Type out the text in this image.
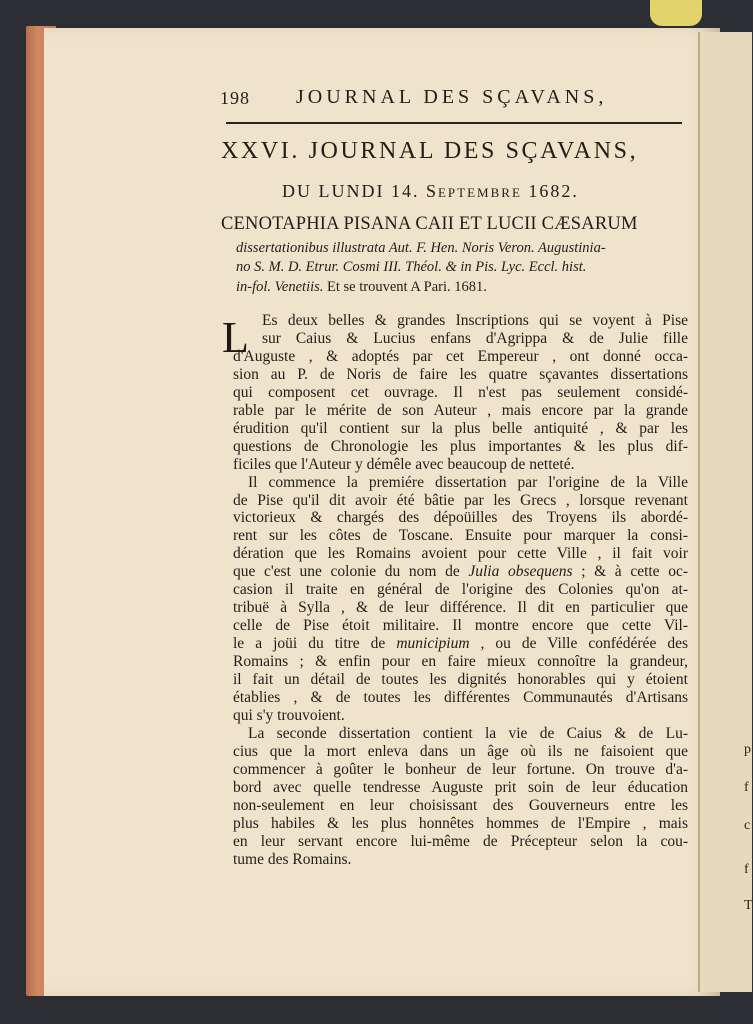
p
f
c
f
T
198 JOURNAL DES SÇAVANS,
XXVI. JOURNAL DES SÇAVANS,
DU LUNDI 14. Septembre 1682.
CENOTAPHIA PISANA CAII ET LUCII CÆSARUM
dissertationibus illustrata Aut. F. Hen. Noris Veron. Augustinia-
no S. M. D. Etrur. Cosmi III. Théol. & in Pis. Lyc. Eccl. hist.
in-fol. Venetiis. Et se trouvent A Pari. 1681.
L Es deux belles & grandes Inscriptions qui se voyent à Pise
sur Caius & Lucius enfans d'Agrippa & de Julie fille
d'Auguste , & adoptés par cet Empereur , ont donné occa-
sion au P. de Noris de faire les quatre sçavantes dissertations
qui composent cet ouvrage. Il n'est pas seulement considé-
rable par le mérite de son Auteur , mais encore par la grande
érudition qu'il contient sur la plus belle antiquité , & par les
questions de Chronologie les plus importantes & les plus dif-
ficiles que l'Auteur y démêle avec beaucoup de netteté.
Il commence la premiére dissertation par l'origine de la Ville
de Pise qu'il dit avoir été bâtie par les Grecs , lorsque revenant
victorieux & chargés des dépoüilles des Troyens ils abordé-
rent sur les côtes de Toscane. Ensuite pour marquer la consi-
dération que les Romains avoient pour cette Ville , il fait voir
que c'est une colonie du nom de Julia obsequens ; & à cette oc-
casion il traite en général de l'origine des Colonies qu'on at-
tribuë à Sylla , & de leur différence. Il dit en particulier que
celle de Pise étoit militaire. Il montre encore que cette Vil-
le a joüi du titre de municipium , ou de Ville confédérée des
Romains ; & enfin pour en faire mieux connoître la grandeur,
il fait un détail de toutes les dignités honorables qui y étoient
établies , & de toutes les différentes Communautés d'Artisans
qui s'y trouvoient.
La seconde dissertation contient la vie de Caius & de Lu-
cius que la mort enleva dans un âge où ils ne faisoient que
commencer à goûter le bonheur de leur fortune. On trouve d'a-
bord avec quelle tendresse Auguste prit soin de leur éducation
non-seulement en leur choisissant des Gouverneurs entre les
plus habiles & les plus honnêtes hommes de l'Empire , mais
en leur servant encore lui-même de Précepteur selon la cou-
tume des Romains.
